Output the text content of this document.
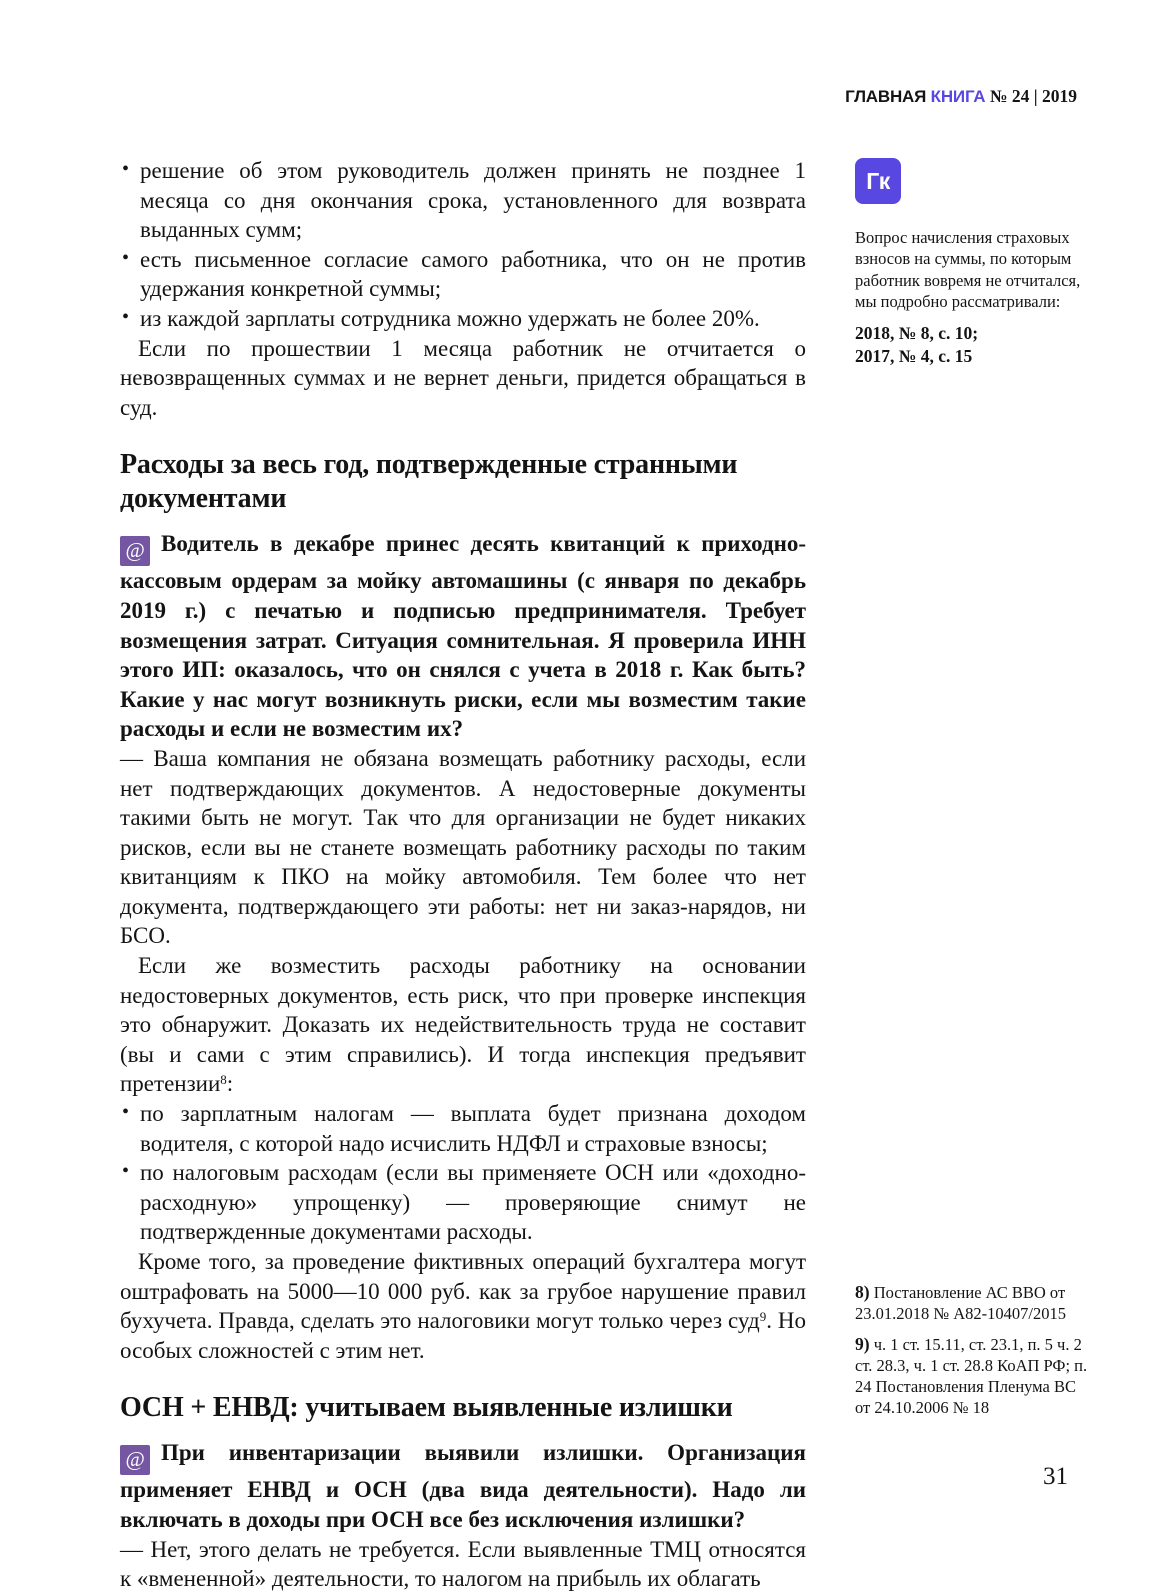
ГЛАВНАЯ КНИГА № 24 | 2019
Гк
Вопрос начисления страховых взносов на суммы, по которым работник вовремя не отчитался, мы подробно рассматривали:
2018, № 8, с. 10;
2017, № 4, с. 15
8) Постановление АС ВВО от 23.01.2018 № А82-10407/2015
9) ч. 1 ст. 15.11, ст. 23.1, п. 5 ч. 2 ст. 28.3, ч. 1 ст. 28.8 КоАП РФ; п. 24 Постановления Пленума ВС от 24.10.2006 № 18
• решение об этом руководитель должен принять не позднее 1 месяца со дня окончания срока, установленного для возврата выданных сумм;
• есть письменное согласие самого работника, что он не против удержания конкретной суммы;
• из каждой зарплаты сотрудника можно удержать не более 20%.

Если по прошествии 1 месяца работник не отчитается о невозвращенных суммах и не вернет деньги, придется обращаться в суд.

Расходы за весь год, подтвержденные странными документами

@ Водитель в декабре принес десять квитанций к приходно-кассовым ордерам за мойку автомашины (с января по декабрь 2019 г.) с печатью и подписью предпринимателя. Требует возмещения затрат. Ситуация сомнительная. Я проверила ИНН этого ИП: оказалось, что он снялся с учета в 2018 г. Как быть? Какие у нас могут возникнуть риски, если мы возместим такие расходы и если не возместим их?

— Ваша компания не обязана возмещать работнику расходы, если нет подтверждающих документов. А недостоверные документы такими быть не могут. Так что для организации не будет никаких рисков, если вы не станете возмещать работнику расходы по таким квитанциям к ПКО на мойку автомобиля. Тем более что нет документа, подтверждающего эти работы: нет ни заказ-нарядов, ни БСО.

Если же возместить расходы работнику на основании недостоверных документов, есть риск, что при проверке инспекция это обнаружит. Доказать их недействительность труда не составит (вы и сами с этим справились). И тогда инспекция предъявит претензии$^8$:

• по зарплатным налогам — выплата будет признана доходом водителя, с которой надо исчислить НДФЛ и страховые взносы;
• по налоговым расходам (если вы применяете ОСН или «доходно-расходную» упрощенку) — проверяющие снимут не подтвержденные документами расходы.

Кроме того, за проведение фиктивных операций бухгалтера могут оштрафовать на 5000—10 000 руб. как за грубое нарушение правил бухучета. Правда, сделать это налоговики могут только через суд$^9$. Но особых сложностей с этим нет.

ОСН + ЕНВД: учитываем выявленные излишки

@ При инвентаризации выявили излишки. Организация применяет ЕНВД и ОСН (два вида деятельности). Надо ли включать в доходы при ОСН все без исключения излишки?

— Нет, этого делать не требуется. Если выявленные ТМЦ относятся к «вмененной» деятельности, то налогом на прибыль их облагать

31
